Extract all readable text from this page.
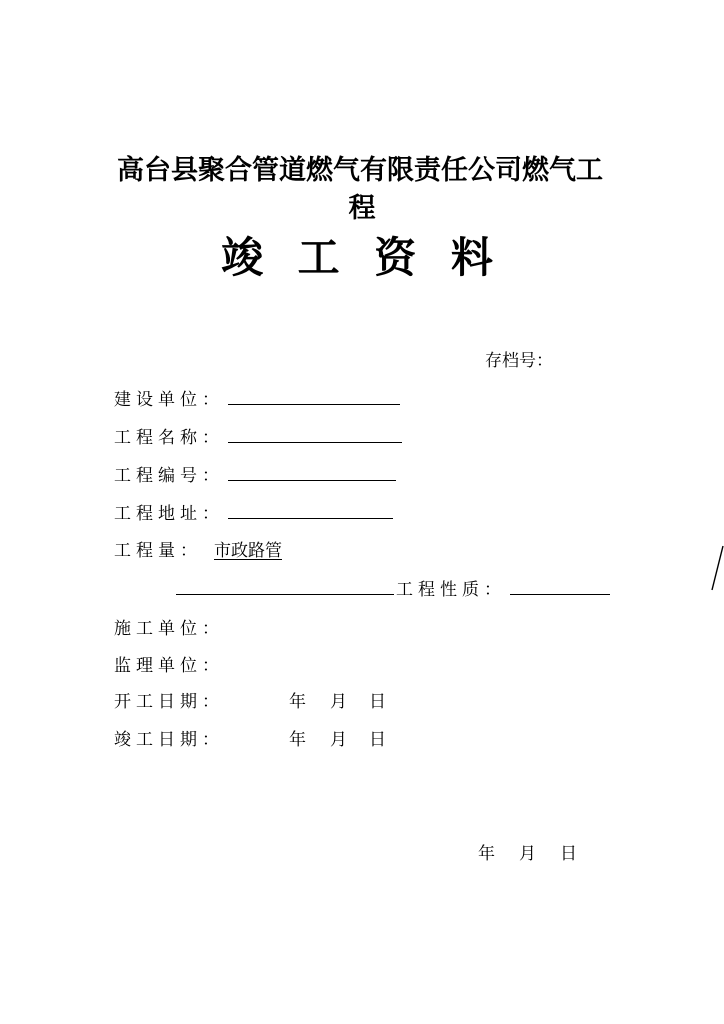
高台县聚合管道燃气有限责任公司燃气工
程
竣 工 资 料
存档号：
建设单位：
工程名称：
工程编号：
工程地址：
工程量： 市政路管
工程性质：
施工单位：
监理单位：
开工日期：	年 月 日
竣工日期：	年 月 日
年 月 日
